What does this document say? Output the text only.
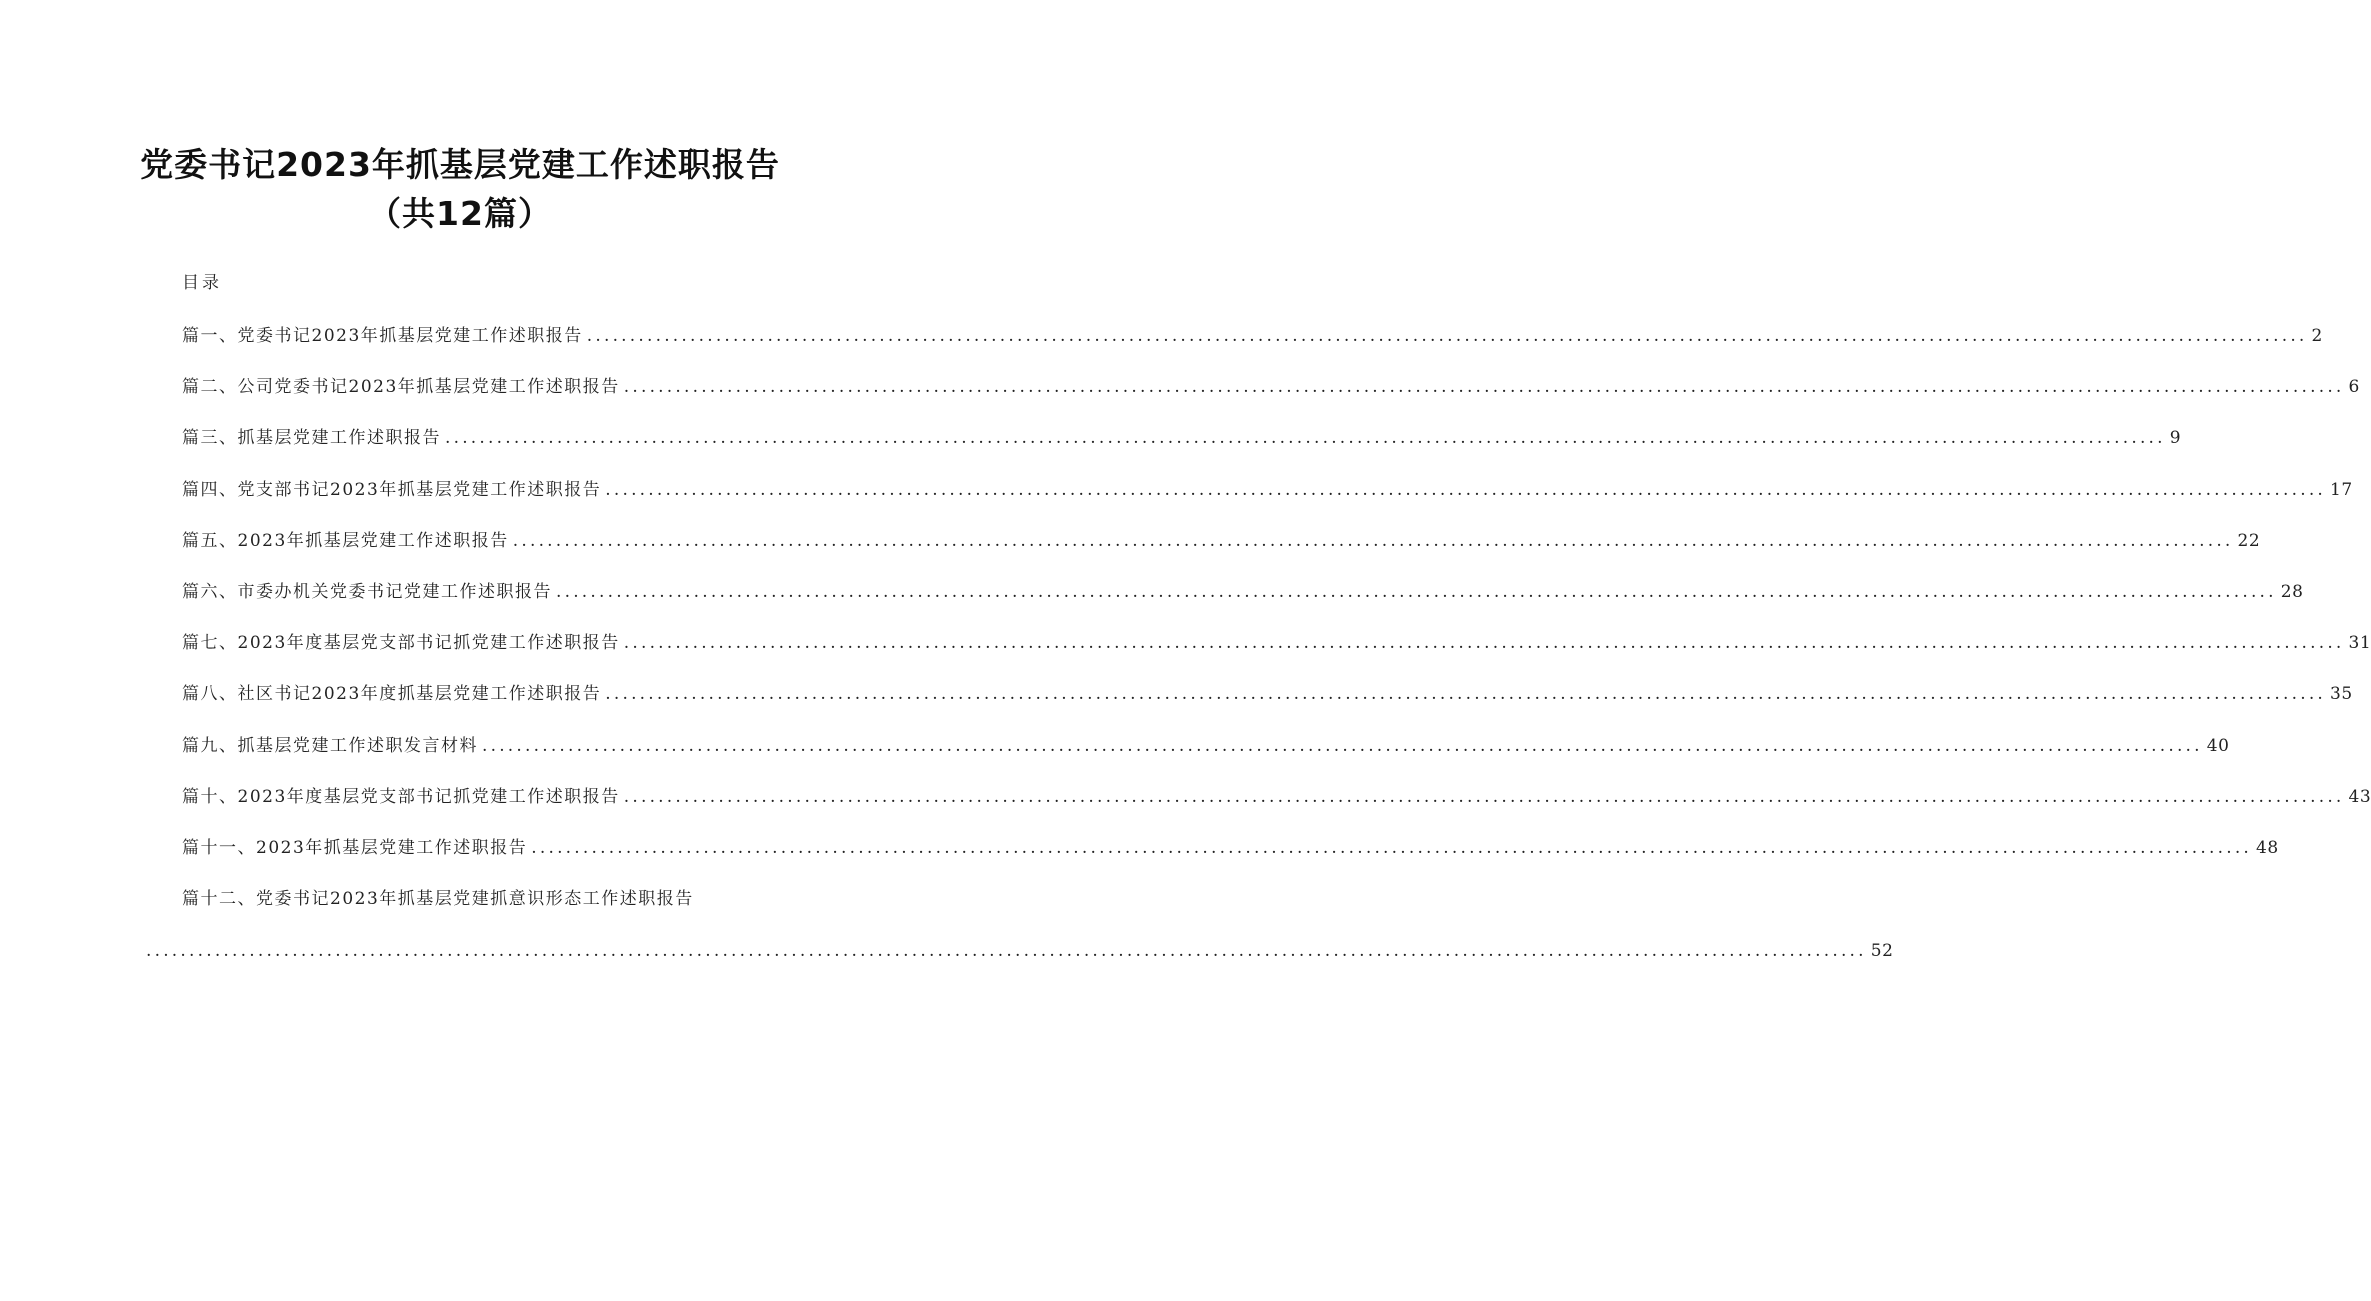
党委书记2023年抓基层党建工作述职报告
（共12篇）
目录
篇一、党委书记2023年抓基层党建工作述职报告 ........................................................................................................................................................................................................ 2
篇二、公司党委书记2023年抓基层党建工作述职报告 ........................................................................................................................................................................................................ 6
篇三、抓基层党建工作述职报告 ........................................................................................................................................................................................................ 9
篇四、党支部书记2023年抓基层党建工作述职报告 ........................................................................................................................................................................................................ 17
篇五、2023年抓基层党建工作述职报告 ........................................................................................................................................................................................................ 22
篇六、市委办机关党委书记党建工作述职报告 ........................................................................................................................................................................................................ 28
篇七、2023年度基层党支部书记抓党建工作述职报告 ........................................................................................................................................................................................................ 31
篇八、社区书记2023年度抓基层党建工作述职报告 ........................................................................................................................................................................................................ 35
篇九、抓基层党建工作述职发言材料 ........................................................................................................................................................................................................ 40
篇十、2023年度基层党支部书记抓党建工作述职报告 ........................................................................................................................................................................................................ 43
篇十一、2023年抓基层党建工作述职报告 ........................................................................................................................................................................................................ 48
篇十二、党委书记2023年抓基层党建抓意识形态工作述职报告
........................................................................................................................................................................................................ 52
